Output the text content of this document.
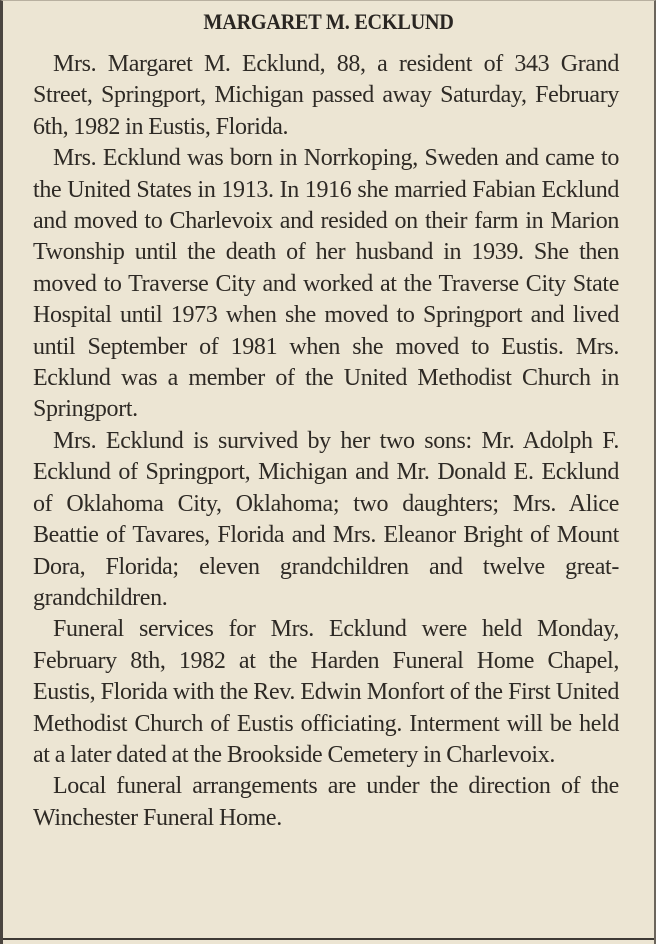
MARGARET M. ECKLUND

Mrs. Margaret M. Ecklund, 88, a resident of 343 Grand Street, Springport, Michigan passed away Saturday, February 6th, 1982 in Eustis, Florida.

Mrs. Ecklund was born in Norrkoping, Sweden and came to the United States in 1913. In 1916 she married Fabian Ecklund and moved to Charlevoix and resided on their farm in Marion Twonship until the death of her husband in 1939. She then moved to Traverse City and worked at the Traverse City State Hospital until 1973 when she moved to Springport and lived until September of 1981 when she moved to Eustis. Mrs. Ecklund was a member of the United Methodist Church in Springport.

Mrs. Ecklund is survived by her two sons: Mr. Adolph F. Ecklund of Springport, Michigan and Mr. Donald E. Ecklund of Oklahoma City, Oklahoma; two daughters; Mrs. Alice Beattie of Tavares, Florida and Mrs. Eleanor Bright of Mount Dora, Florida; eleven grandchildren and twelve great-grandchildren.

Funeral services for Mrs. Ecklund were held Monday, February 8th, 1982 at the Harden Funeral Home Chapel, Eustis, Florida with the Rev. Edwin Monfort of the First United Methodist Church of Eustis officiating. Interment will be held at a later dated at the Brookside Cemetery in Charlevoix.

Local funeral arrangements are under the direction of the Winchester Funeral Home.
